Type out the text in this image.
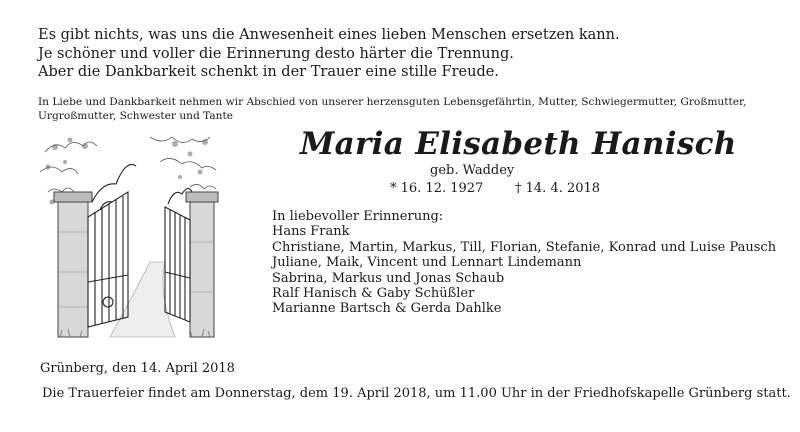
Es gibt nichts, was uns die Anwesenheit eines lieben Menschen ersetzen kann.
Je schöner und voller die Erinnerung desto härter die Trennung.
Aber die Dankbarkeit schenkt in der Trauer eine stille Freude.
In Liebe und Dankbarkeit nehmen wir Abschied von unserer herzensguten Lebensgefährtin, Mutter, Schwiegermutter, Großmutter, Urgroßmutter, Schwester und Tante
Maria Elisabeth Hanisch
geb. Waddey
* 16. 12. 1927 † 14. 4. 2018
In liebevoller Erinnerung:
Hans Frank
Christiane, Martin, Markus, Till, Florian, Stefanie, Konrad und Luise Pausch
Juliane, Maik, Vincent und Lennart Lindemann
Sabrina, Markus und Jonas Schaub
Ralf Hanisch & Gaby Schüßler
Marianne Bartsch & Gerda Dahlke
Grünberg, den 14. April 2018
Die Trauerfeier findet am Donnerstag, dem 19. April 2018, um 11.00 Uhr in der Friedhofskapelle Grünberg statt.
